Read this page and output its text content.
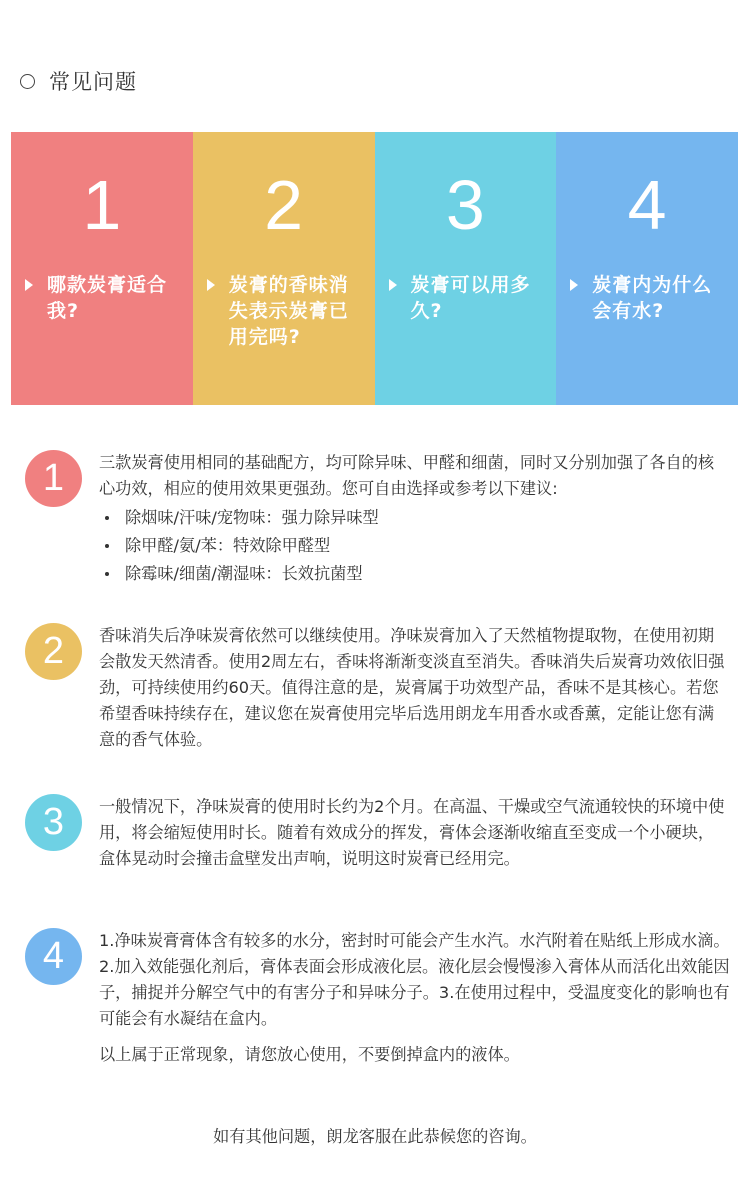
常见问题
1
哪款炭膏适合我?
2
炭膏的香味消失表示炭膏已用完吗?
3
炭膏可以用多久?
4
炭膏内为什么会有水?
1	三款炭膏使用相同的基础配方，均可除异味、甲醛和细菌，同时又分别加强了各自的核心功效，相应的使用效果更强劲。您可自由选择或参考以下建议:

除烟味/汗味/宠物味：强力除异味型
除甲醛/氨/苯：特效除甲醛型
除霉味/细菌/潮湿味：长效抗菌型
2	香味消失后净味炭膏依然可以继续使用。净味炭膏加入了天然植物提取物，在使用初期会散发天然清香。使用2周左右，香味将渐渐变淡直至消失。香味消失后炭膏功效依旧强劲，可持续使用约60天。值得注意的是，炭膏属于功效型产品，香味不是其核心。若您希望香味持续存在，建议您在炭膏使用完毕后选用朗龙车用香水或香薰，定能让您有满意的香气体验。

3	一般情况下，净味炭膏的使用时长约为2个月。在高温、干燥或空气流通较快的环境中使用，将会缩短使用时长。随着有效成分的挥发，膏体会逐渐收缩直至变成一个小硬块，盒体晃动时会撞击盒壁发出声响，说明这时炭膏已经用完。

4	1.净味炭膏膏体含有较多的水分，密封时可能会产生水汽。水汽附着在贴纸上形成水滴。2.加入效能强化剂后，膏体表面会形成液化层。液化层会慢慢渗入膏体从而活化出效能因子，捕捉并分解空气中的有害分子和异味分子。3.在使用过程中，受温度变化的影响也有可能会有水凝结在盒内。

以上属于正常现象，请您放心使用，不要倒掉盒内的液体。

如有其他问题，朗龙客服在此恭候您的咨询。
